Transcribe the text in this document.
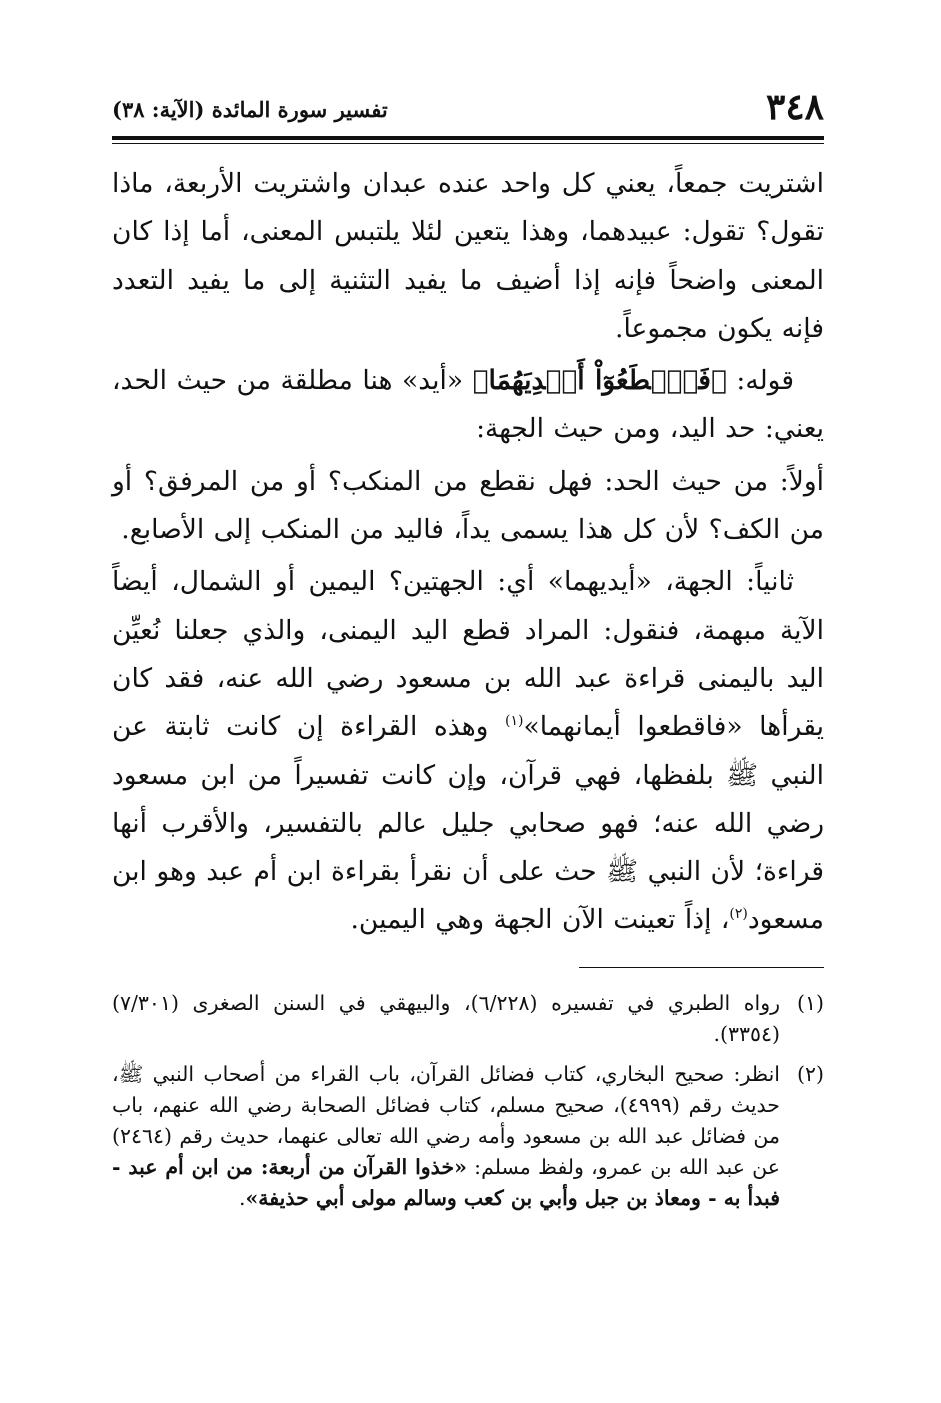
٣٤٨
تفسير سورة المائدة (الآية: ٣٨)

اشتريت جمعاً، يعني كل واحد عنده عبدان واشتريت الأربعة، ماذا تقول؟ تقول: عبيدهما، وهذا يتعين لئلا يلتبس المعنى، أما إذا كان المعنى واضحاً فإنه إذا أضيف ما يفيد التثنية إلى ما يفيد التعدد فإنه يكون مجموعاً.

قوله: ﴿فَٱقۡطَعُوٓاْ أَيۡدِيَهُمَا﴾ «أيد» هنا مطلقة من حيث الحد، يعني: حد اليد، ومن حيث الجهة:

أولاً: من حيث الحد: فهل نقطع من المنكب؟ أو من المرفق؟ أو من الكف؟ لأن كل هذا يسمى يداً، فاليد من المنكب إلى الأصابع.

ثانياً: الجهة، «أيديهما» أي: الجهتين؟ اليمين أو الشمال، أيضاً الآية مبهمة، فنقول: المراد قطع اليد اليمنى، والذي جعلنا نُعيِّن اليد باليمنى قراءة عبد الله بن مسعود رضي الله عنه، فقد كان يقرأها «فاقطعوا أيمانهما»$^{(١)}$ وهذه القراءة إن كانت ثابتة عن النبي ﷺ بلفظها، فهي قرآن، وإن كانت تفسيراً من ابن مسعود رضي الله عنه؛ فهو صحابي جليل عالم بالتفسير، والأقرب أنها قراءة؛ لأن النبي ﷺ حث على أن نقرأ بقراءة ابن أم عبد وهو ابن مسعود$^{(٢)}$، إذاً تعينت الآن الجهة وهي اليمين.

(١)
رواه الطبري في تفسيره (٦/٢٢٨)، والبيهقي في السنن الصغرى (٧/٣٠١) (٣٣٥٤).

(٢)
انظر: صحيح البخاري، كتاب فضائل القرآن، باب القراء من أصحاب النبي ﷺ، حديث رقم (٤٩٩٩)، صحيح مسلم، كتاب فضائل الصحابة رضي الله عنهم، باب من فضائل عبد الله بن مسعود وأمه رضي الله تعالى عنهما، حديث رقم (٢٤٦٤) عن عبد الله بن عمرو، ولفظ مسلم: «خذوا القرآن من أربعة: من ابن أم عبد - فبدأ به - ومعاذ بن جبل وأبي بن كعب وسالم مولى أبي حذيفة».
